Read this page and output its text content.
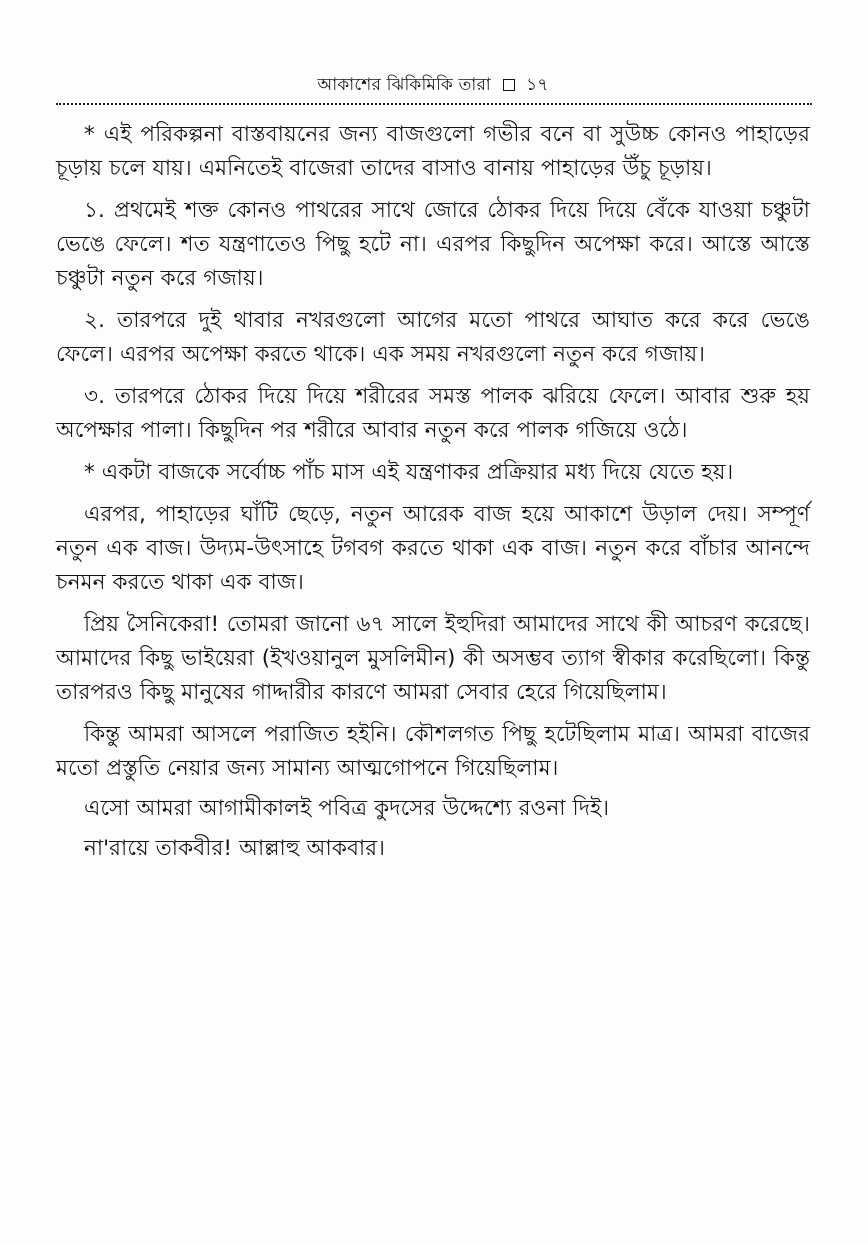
আকাশের ঝিকিমিকি তারা ১৭

* এই পরিকল্পনা বাস্তবায়নের জন্য বাজগুলো গভীর বনে বা সুউচ্চ কোনও পাহাড়ের চূড়ায় চলে যায়। এমনিতেই বাজেরা তাদের বাসাও বানায় পাহাড়ের উঁচু চূড়ায়।

১. প্রথমেই শক্ত কোনও পাথরের সাথে জোরে ঠোকর দিয়ে দিয়ে বেঁকে যাওয়া চঞ্চুটা ভেঙে ফেলে। শত যন্ত্রণাতেও পিছু হটে না। এরপর কিছুদিন অপেক্ষা করে। আস্তে আস্তে চঞ্চুটা নতুন করে গজায়।

২. তারপরে দুই থাবার নখরগুলো আগের মতো পাথরে আঘাত করে করে ভেঙে ফেলে। এরপর অপেক্ষা করতে থাকে। এক সময় নখরগুলো নতুন করে গজায়।

৩. তারপরে ঠোকর দিয়ে দিয়ে শরীরের সমস্ত পালক ঝরিয়ে ফেলে। আবার শুরু হয় অপেক্ষার পালা। কিছুদিন পর শরীরে আবার নতুন করে পালক গজিয়ে ওঠে।

* একটা বাজকে সর্বোচ্চ পাঁচ মাস এই যন্ত্রণাকর প্রক্রিয়ার মধ্য দিয়ে যেতে হয়।

এরপর, পাহাড়ের ঘাঁটি ছেড়ে, নতুন আরেক বাজ হয়ে আকাশে উড়াল দেয়। সম্পূর্ণ নতুন এক বাজ। উদ্যম-উৎসাহে টগবগ করতে থাকা এক বাজ। নতুন করে বাঁচার আনন্দে চনমন করতে থাকা এক বাজ।

প্রিয় সৈনিকেরা! তোমরা জানো ৬৭ সালে ইহুদিরা আমাদের সাথে কী আচরণ করেছে। আমাদের কিছু ভাইয়েরা (ইখওয়ানুল মুসলিমীন) কী অসম্ভব ত্যাগ স্বীকার করেছিলো। কিন্তু তারপরও কিছু মানুষের গাদ্দারীর কারণে আমরা সেবার হেরে গিয়েছিলাম।

কিন্তু আমরা আসলে পরাজিত হইনি। কৌশলগত পিছু হটেছিলাম মাত্র। আমরা বাজের মতো প্রস্তুতি নেয়ার জন্য সামান্য আত্মগোপনে গিয়েছিলাম।

এসো আমরা আগামীকালই পবিত্র কুদসের উদ্দেশ্যে রওনা দিই।

না'রায়ে তাকবীর! আল্লাহু আকবার।
